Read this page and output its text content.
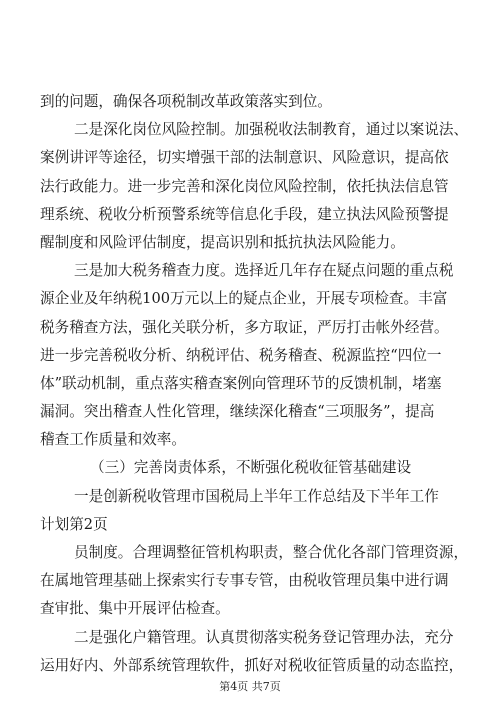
到的问题，确保各项税制改革政策落实到位。
二是深化岗位风险控制。加强税收法制教育，通过以案说法、
案例讲评等途径，切实增强干部的法制意识、风险意识，提高依
法行政能力。进一步完善和深化岗位风险控制，依托执法信息管
理系统、税收分析预警系统等信息化手段，建立执法风险预警提
醒制度和风险评估制度，提高识别和抵抗执法风险能力。
三是加大税务稽查力度。选择近几年存在疑点问题的重点税
源企业及年纳税100万元以上的疑点企业，开展专项检查。丰富
税务稽查方法，强化关联分析，多方取证，严厉打击帐外经营。
进一步完善税收分析、纳税评估、税务稽查、税源监控“四位一
体”联动机制，重点落实稽查案例向管理环节的反馈机制，堵塞
漏洞。突出稽查人性化管理，继续深化稽查“三项服务”，提高
稽查工作质量和效率。
（三）完善岗责体系，不断强化税收征管基础建设
一是创新税收管理市国税局上半年工作总结及下半年工作
计划第2页
员制度。合理调整征管机构职责，整合优化各部门管理资源，
在属地管理基础上探索实行专事专管，由税收管理员集中进行调
查审批、集中开展评估检查。
二是强化户籍管理。认真贯彻落实税务登记管理办法，充分
运用好内、外部系统管理软件，抓好对税收征管质量的动态监控，
第4页 共7页
